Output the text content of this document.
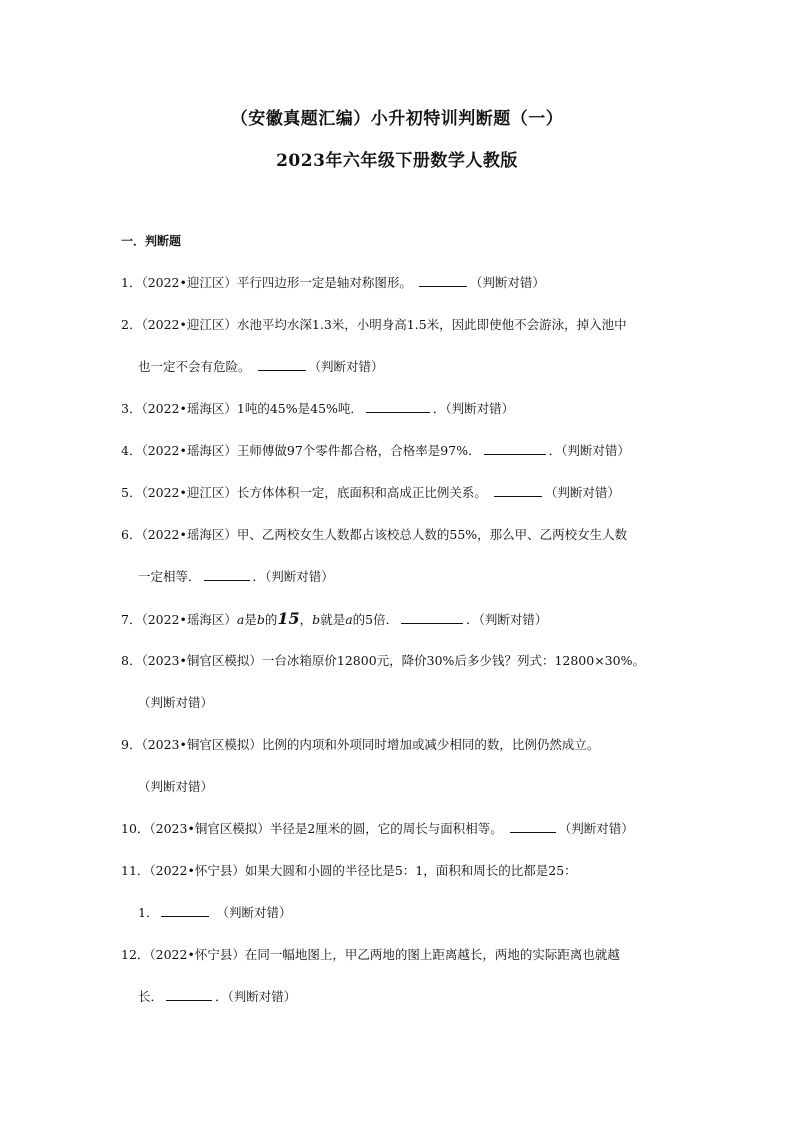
（安徽真题汇编）小升初特训判断题（一）
2023年六年级下册数学人教版
一．判断题
1．（2022•迎江区）平行四边形一定是轴对称图形。	（判断对错）
2．（2022•迎江区）水池平均水深1.3米，小明身高1.5米，因此即使他不会游泳，掉入池中
也一定不会有危险。	（判断对错）
3．（2022•瑶海区）1吨的45%是45%吨．	．（判断对错）
4．（2022•瑶海区）王师傅做97个零件都合格，合格率是97%．	．（判断对错）
5．（2022•迎江区）长方体体积一定，底面积和高成正比例关系。	（判断对错）
6．（2022•瑶海区）甲、乙两校女生人数都占该校总人数的55%，那么甲、乙两校女生人数
一定相等．	．（判断对错）
7．（2022•瑶海区）a是b的15，b就是a的5倍．	．（判断对错）
8．（2023•铜官区模拟）一台冰箱原价12800元，降价30%后多少钱？列式：12800×30%。
（判断对错）
9．（2023•铜官区模拟）比例的内项和外项同时增加或减少相同的数，比例仍然成立。
（判断对错）
10．（2023•铜官区模拟）半径是2厘米的圆，它的周长与面积相等。	（判断对错）
11．（2022•怀宁县）如果大圆和小圆的半径比是5：1，面积和周长的比都是25：
1．	（判断对错）
12．（2022•怀宁县）在同一幅地图上，甲乙两地的图上距离越长，两地的实际距离也就越
长．	．（判断对错）
